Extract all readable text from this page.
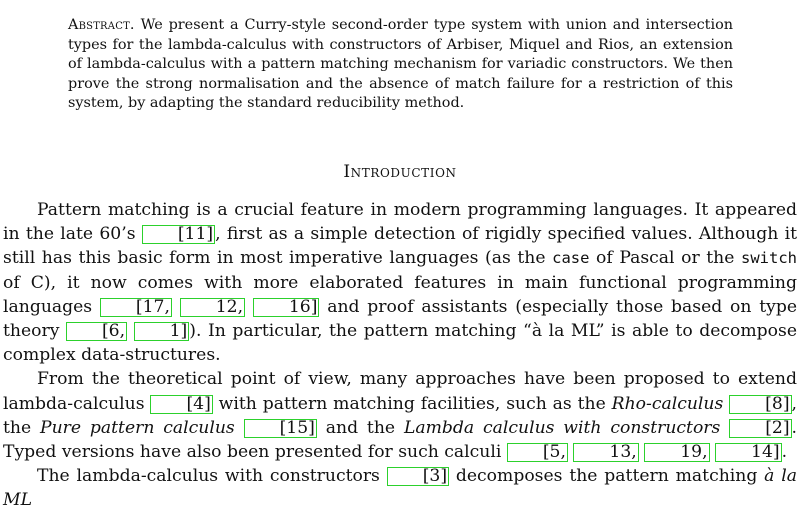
Abstract. We present a Curry-style second-order type system with union and intersection types for the lambda-calculus with constructors of Arbiser, Miquel and Rios, an extension of lambda-calculus with a pattern matching mechanism for variadic constructors. We then prove the strong normalisation and the absence of match failure for a restriction of this system, by adapting the standard reducibility method.
Introduction

Pattern matching is a crucial feature in modern programming languages. It appeared in the late 60’s [11] , first as a simple detection of rigidly specified values. Although it still has this basic form in most imperative languages (as the case of Pascal or the switch of C), it now comes with more elaborated features in main functional programming languages [17,	12,	16] and proof assistants (especially those based on type theory [6,	1] ). In particular, the pattern matching “à la ML” is able to decompose complex data-structures.

From the theoretical point of view, many approaches have been proposed to extend lambda-calculus [4] with pattern matching facilities, such as the Rho-calculus [8] , the Pure pattern calculus	[15] and the Lambda calculus with constructors	[2] . Typed versions have also been presented for such calculi [5,	13,	19,	14] .

The lambda-calculus with constructors [3] decomposes the pattern matching à la ML
